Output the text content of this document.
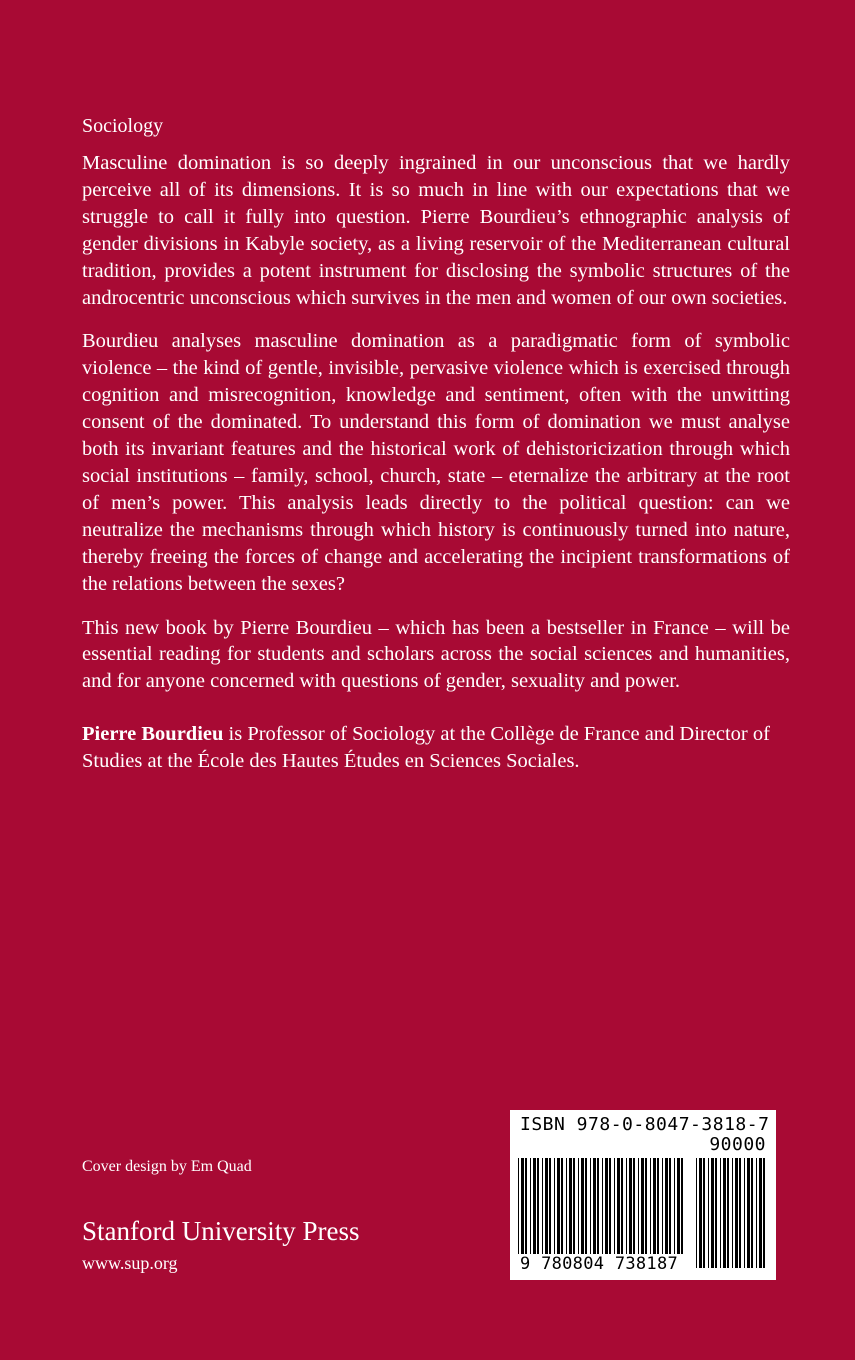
Sociology

Masculine domination is so deeply ingrained in our unconscious that we hardly perceive all of its dimensions. It is so much in line with our expectations that we struggle to call it fully into question. Pierre Bourdieu’s ethnographic analysis of gender divisions in Kabyle society, as a living reservoir of the Mediterranean cultural tradition, provides a potent instrument for disclosing the symbolic structures of the androcentric unconscious which survives in the men and women of our own societies.

Bourdieu analyses masculine domination as a paradigmatic form of symbolic violence – the kind of gentle, invisible, pervasive violence which is exercised through cognition and misrecognition, knowledge and sentiment, often with the unwitting consent of the dominated. To understand this form of domination we must analyse both its invariant features and the historical work of dehistoricization through which social institutions – family, school, church, state – eternalize the arbitrary at the root of men’s power. This analysis leads directly to the political question: can we neutralize the mechanisms through which history is continuously turned into nature, thereby freeing the forces of change and accelerating the incipient transformations of the relations between the sexes?

This new book by Pierre Bourdieu – which has been a bestseller in France – will be essential reading for students and scholars across the social sciences and humanities, and for anyone concerned with questions of gender, sexuality and power.

Pierre Bourdieu is Professor of Sociology at the Collège de France and Director of Studies at the École des Hautes Études en Sciences Sociales.

Cover design by Em Quad
Stanford University Press
www.sup.org
ISBN 978-0-8047-3818-7
90000
9 780804 738187
